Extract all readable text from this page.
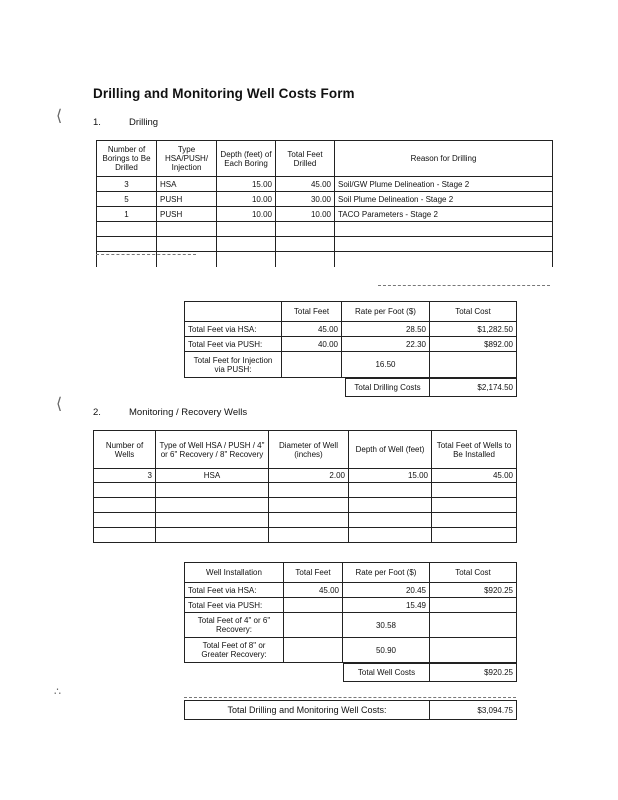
Drilling and Monitoring Well Costs Form
⟨
⟨
∴
1.	Drilling
Number of Borings to Be Drilled	Type HSA/PUSH/ Injection	Depth (feet) of Each Boring	Total Feet Drilled	Reason for Drilling
3	HSA	15.00	45.00	Soil/GW Plume Delineation - Stage 2
5	PUSH	10.00	30.00	Soil Plume Delineation - Stage 2
1	PUSH	10.00	10.00	TACO Parameters - Stage 2

	Total Feet	Rate per Foot ($)	Total Cost
Total Feet via HSA:	45.00	28.50	$1,282.50
Total Feet via PUSH:	40.00	22.30	$892.00
Total Feet for Injection via PUSH:		16.50	
Total Drilling Costs	$2,174.50
2.	Monitoring / Recovery Wells
Number of Wells	Type of Well HSA / PUSH / 4" or 6" Recovery / 8" Recovery	Diameter of Well (inches)	Depth of Well (feet)	Total Feet of Wells to Be Installed
3	HSA	2.00	15.00	45.00

Well Installation	Total Feet	Rate per Foot ($)	Total Cost
Total Feet via HSA:	45.00	20.45	$920.25
Total Feet via PUSH:		15.49	
Total Feet of 4" or 6" Recovery:		30.58	
Total Feet of 8" or Greater Recovery:		50.90	
Total Well Costs	$920.25
Total Drilling and Monitoring Well Costs:	$3,094.75
